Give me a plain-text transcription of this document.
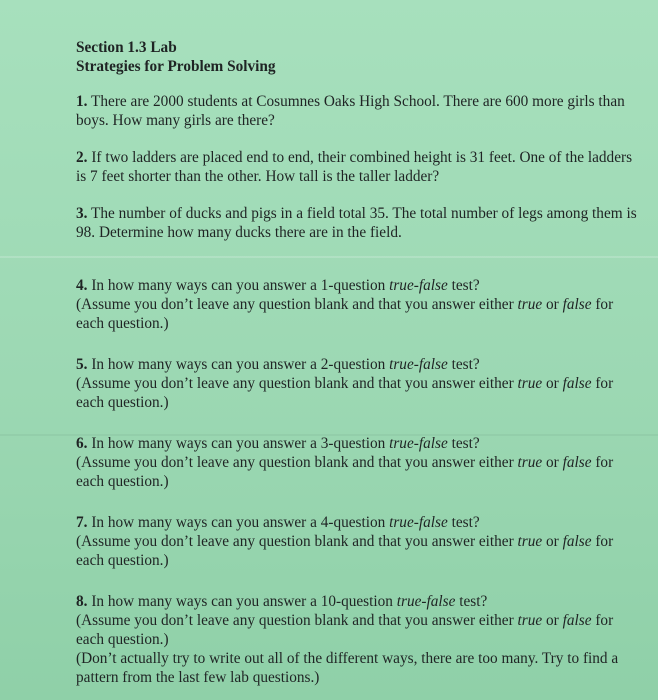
Section 1.3 Lab

Strategies for Problem Solving

1. There are 2000 students at Cosumnes Oaks High School. There are 600 more girls than boys. How many girls are there?

2. If two ladders are placed end to end, their combined height is 31 feet. One of the ladders is 7 feet shorter than the other. How tall is the taller ladder?

3. The number of ducks and pigs in a field total 35. The total number of legs among them is 98. Determine how many ducks there are in the field.

4. In how many ways can you answer a 1-question true-false test?
(Assume you don’t leave any question blank and that you answer either true or false for each question.)

5. In how many ways can you answer a 2-question true-false test?
(Assume you don’t leave any question blank and that you answer either true or false for each question.)

6. In how many ways can you answer a 3-question true-false test?
(Assume you don’t leave any question blank and that you answer either true or false for each question.)

7. In how many ways can you answer a 4-question true-false test?
(Assume you don’t leave any question blank and that you answer either true or false for each question.)

8. In how many ways can you answer a 10-question true-false test?
(Assume you don’t leave any question blank and that you answer either true or false for each question.)
(Don’t actually try to write out all of the different ways, there are too many. Try to find a pattern from the last few lab questions.)
